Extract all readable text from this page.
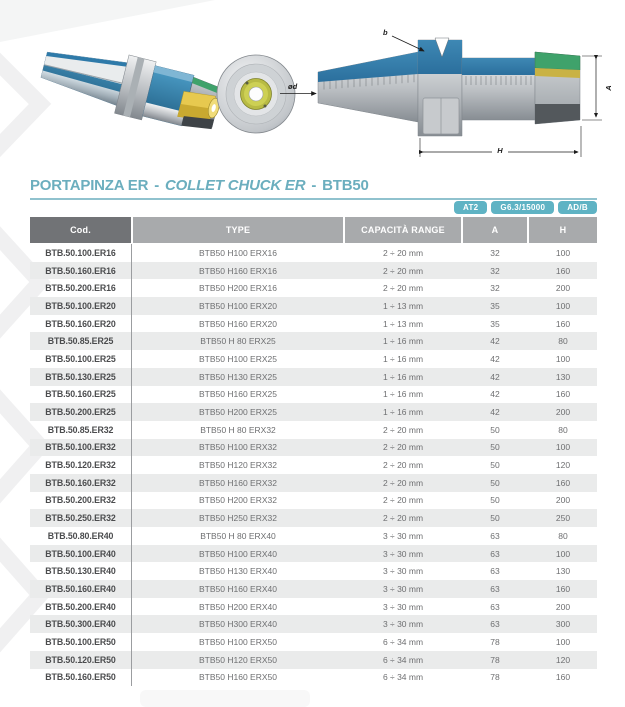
ød
b
A
H
PORTAPINZA ER - COLLET CHUCK ER - BTB50
AT2	G6.3/15000	AD/B
Cod.	TYPE	CAPACITÀ RANGE	A	H
BTB.50.100.ER16	BTB50 H100 ERX16	2 ÷ 20 mm	32	100
BTB.50.160.ER16	BTB50 H160 ERX16	2 ÷ 20 mm	32	160
BTB.50.200.ER16	BTB50 H200 ERX16	2 ÷ 20 mm	32	200
BTB.50.100.ER20	BTB50 H100 ERX20	1 ÷ 13 mm	35	100
BTB.50.160.ER20	BTB50 H160 ERX20	1 ÷ 13 mm	35	160
BTB.50.85.ER25	BTB50 H 80 ERX25	1 ÷ 16 mm	42	80
BTB.50.100.ER25	BTB50 H100 ERX25	1 ÷ 16 mm	42	100
BTB.50.130.ER25	BTB50 H130 ERX25	1 ÷ 16 mm	42	130
BTB.50.160.ER25	BTB50 H160 ERX25	1 ÷ 16 mm	42	160
BTB.50.200.ER25	BTB50 H200 ERX25	1 ÷ 16 mm	42	200
BTB.50.85.ER32	BTB50 H 80 ERX32	2 ÷ 20 mm	50	80
BTB.50.100.ER32	BTB50 H100 ERX32	2 ÷ 20 mm	50	100
BTB.50.120.ER32	BTB50 H120 ERX32	2 ÷ 20 mm	50	120
BTB.50.160.ER32	BTB50 H160 ERX32	2 ÷ 20 mm	50	160
BTB.50.200.ER32	BTB50 H200 ERX32	2 ÷ 20 mm	50	200
BTB.50.250.ER32	BTB50 H250 ERX32	2 ÷ 20 mm	50	250
BTB.50.80.ER40	BTB50 H 80 ERX40	3 ÷ 30 mm	63	80
BTB.50.100.ER40	BTB50 H100 ERX40	3 ÷ 30 mm	63	100
BTB.50.130.ER40	BTB50 H130 ERX40	3 ÷ 30 mm	63	130
BTB.50.160.ER40	BTB50 H160 ERX40	3 ÷ 30 mm	63	160
BTB.50.200.ER40	BTB50 H200 ERX40	3 ÷ 30 mm	63	200
BTB.50.300.ER40	BTB50 H300 ERX40	3 ÷ 30 mm	63	300
BTB.50.100.ER50	BTB50 H100 ERX50	6 ÷ 34 mm	78	100
BTB.50.120.ER50	BTB50 H120 ERX50	6 ÷ 34 mm	78	120
BTB.50.160.ER50	BTB50 H160 ERX50	6 ÷ 34 mm	78	160
